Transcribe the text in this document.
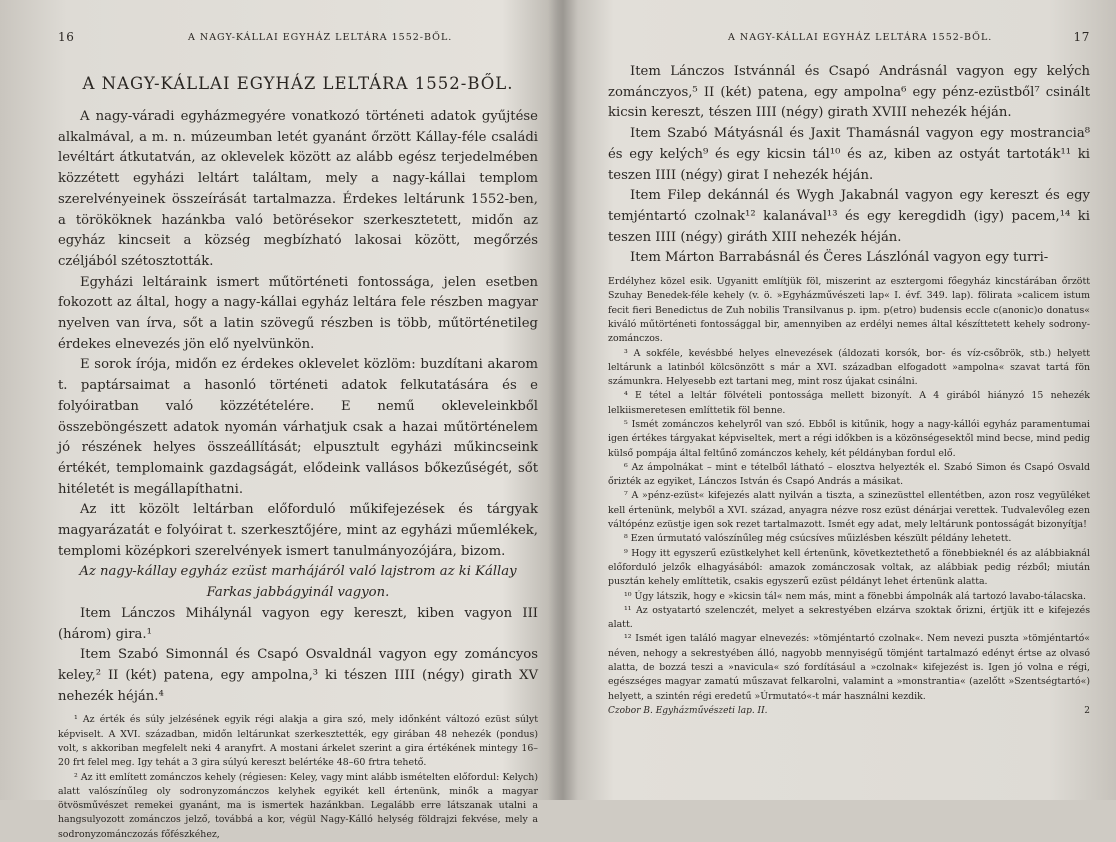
16	A NAGY-KÁLLAI EGYHÁZ LELTÁRA 1552-BŐL.
A NAGY-KÁLLAI EGYHÁZ LELTÁRA 1552-BŐL.

A nagy-váradi egyházmegyére vonatkozó történeti adatok gyűjtése alkalmával, a m. n. múzeumban letét gyanánt őrzött Kállay-féle családi levéltárt átkutatván, az oklevelek között az alább egész terjedelmében közzétett egyházi leltárt találtam, mely a nagy-kállai templom szerelvényeinek összeírását tartalmazza. Érdekes leltárunk 1552-ben, a törököknek hazánkba való betörésekor szerkesztetett, midőn az egyház kincseit a község megbízható lakosai között, megőrzés czéljából szétosztották.

Egyházi leltáraink ismert műtörténeti fontossága, jelen esetben fokozott az által, hogy a nagy-kállai egyház leltára fele részben magyar nyelven van írva, sőt a latin szövegű részben is több, műtörténetileg érdekes elnevezés jön elő nyelvünkön.

E sorok írója, midőn ez érdekes oklevelet közlöm: buzdítani akarom t. paptársaimat a hasonló történeti adatok felkutatására és e folyóiratban való közzétételére. E nemű okleveleinkből összeböngészett adatok nyomán várhatjuk csak a hazai műtörténelem jó részének helyes összeállítását; elpusztult egyházi műkincseink értékét, templomaink gazdagságát, elődeink vallásos bőkezűségét, sőt hitéletét is megállapíthatni.

Az itt közölt leltárban előforduló műkifejezések és tárgyak magyarázatát e folyóirat t. szerkesztőjére, mint az egyházi műemlékek, templomi középkori szerelvények ismert tanulmányozójára, bizom.

Az nagy-kállay egyház ezüst marhájáról való lajstrom az ki Kállay Farkas jabbágyinál vagyon.

Item Lánczos Mihálynál vagyon egy kereszt, kiben vagyon III (három) gira.¹

Item Szabó Simonnál és Csapó Osvaldnál vagyon egy zománcyos keley,² II (két) patena, egy ampolna,³ ki tészen IIII (négy) girath XV nehezék héján.⁴

¹ Az érték és súly jelzésének egyik régi alakja a gira szó, mely időnként változó ezüst súlyt képviselt. A XVI. században, midőn leltárunkat szerkesztették, egy girában 48 nehezék (pondus) volt, s akkoriban megfelelt neki 4 aranyfrt. A mostani árkelet szerint a gira értékének mintegy 16–20 frt felel meg. Igy tehát a 3 gira súlyú kereszt belértéke 48–60 frtra tehető.

² Az itt említett zománczos kehely (régiesen: Keley, vagy mint alább ismételten előfordul: Kelych) alatt valószínűleg oly sodronyzománczos kelyhek egyikét kell értenünk, minők a magyar ötvösművészet remekei gyanánt, ma is ismertek hazánkban. Legalább erre látszanak utalni a hangsulyozott zománczos jelző, továbbá a kor, végül Nagy-Kálló helység földrajzi fekvése, mely a sodronyzománczozás főfészkéhez,

A NAGY-KÁLLAI EGYHÁZ LELTÁRA 1552-BŐL.	17

Item Lánczos Istvánnál és Csapó Andrásnál vagyon egy kelých zománczyos,⁵ II (két) patena, egy ampolna⁶ egy pénz-ezüstből⁷ csinált kicsin kereszt, tészen IIII (négy) girath XVIII nehezék héján.

Item Szabó Mátyásnál és Jaxit Thamásnál vagyon egy mostrancia⁸ és egy kelých⁹ és egy kicsin tál¹⁰ és az, kiben az ostyát tartoták¹¹ ki teszen IIII (négy) girat I nehezék héján.

Item Filep dekánnál és Wygh Jakabnál vagyon egy kereszt és egy temjéntartó czolnak¹² kalanával¹³ és egy keregdidh (igy) pacem,¹⁴ ki teszen IIII (négy) giráth XIII nehezék héján.

Item Márton Barrabásnál és C̈eres Lászlónál vagyon egy turri-

Erdélyhez közel esik. Ugyanitt említjük föl, miszerint az esztergomi főegyház kincstárában őrzött Szuhay Benedek-féle kehely (v. ö. »Egyházművészeti lap« I. évf. 349. lap). fölirata »calicem istum fecit fieri Benedictus de Zuh nobilis Transilvanus p. ipm. p(etro) budensis eccle c(anonic)o donatus« kiváló műtörténeti fontossággal bir, amennyiben az erdélyi nemes által készíttetett kehely sodrony-zománczos.

³ A sokféle, kevésbbé helyes elnevezések (áldozati korsók, bor- és víz-csőbrök, stb.) helyett leltárunk a latinból kölcsönzött s már a XVI. században elfogadott »ampolna« szavat tartá fön számunkra. Helyesebb ezt tartani meg, mint rosz újakat csinálni.

⁴ E tétel a leltár fölvételi pontossága mellett bizonyít. A 4 girából hiányzó 15 nehezék lelkiismeretesen említtetik föl benne.

⁵ Ismét zománczos kehelyről van szó. Ebből is kitűnik, hogy a nagy-kállói egyház paramentumai igen értékes tárgyakat képviseltek, mert a régi időkben is a közönségesektől mind becse, mind pedig külső pompája által feltűnő zománczos kehely, két példányban fordul elő.

⁶ Az ámpolnákat – mint e tételből látható – elosztva helyezték el. Szabó Simon és Csapó Osvald őrizték az egyiket, Lánczos István és Csapó András a másikat.

⁷ A »pénz-ezüst« kifejezés alatt nyilván a tiszta, a szinezüsttel ellentétben, azon rosz vegyüléket kell értenünk, melyből a XVI. század, anyagra nézve rosz ezüst dénárjai verettek. Tudvalevőleg ezen váltópénz ezüstje igen sok rezet tartalmazott. Ismét egy adat, mely leltárunk pontosságát bizonyítja!

⁸ Ezen úrmutató valószínűleg még csúcsíves műizlésben készült példány lehetett.

⁹ Hogy itt egyszerű ezüstkelyhet kell értenünk, következtethető a fönebbieknél és az alábbiaknál előforduló jelzők elhagyásából: amazok zománczosak voltak, az alábbiak pedig rézből; miután pusztán kehely említtetik, csakis egyszerű ezüst példányt lehet értenünk alatta.

¹⁰ Úgy látszik, hogy e »kicsin tál« nem más, mint a fönebbi ámpolnák alá tartozó lavabo-tálacska.

¹¹ Az ostyatartó szelenczét, melyet a sekrestyében elzárva szoktak őrizni, értjük itt e kifejezés alatt.

¹² Ismét igen találó magyar elnevezés: »tömjéntartó czolnak«. Nem nevezi puszta »tömjéntartó« néven, nehogy a sekrestyében álló, nagyobb mennyiségű tömjént tartalmazó edényt értse az olvasó alatta, de bozzá teszi a »navicula« szó fordításául a »czolnak« kifejezést is. Igen jó volna e régi, egészséges magyar zamatú műszavat felkarolni, valamint a »monstrantia« (azelőtt »Szentségtartó«) helyett, a szintén régi eredetű »Úrmutató«-t már használni kezdik.

Czobor B. Egyházművészeti lap. II.	2
